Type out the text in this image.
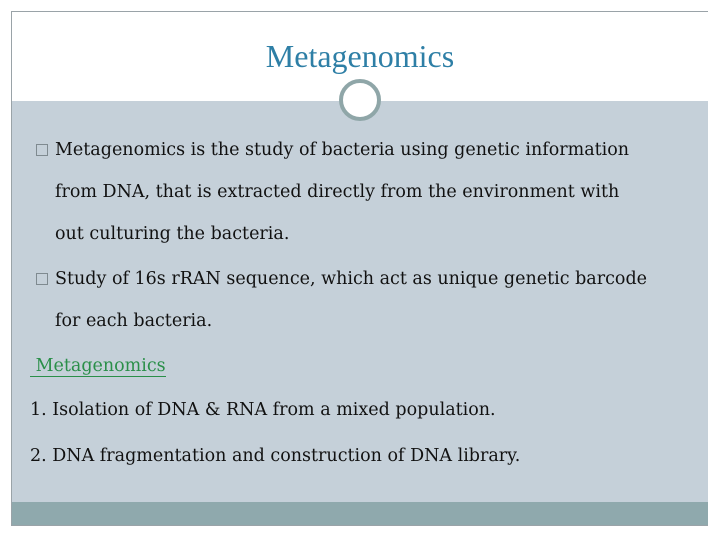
Metagenomics
Metagenomics is the study of bacteria using genetic information
from DNA, that is extracted directly from the environment with
out culturing the bacteria.
Study of 16s rRAN sequence, which act as unique genetic barcode
for each bacteria.
Metagenomics
1. Isolation of DNA & RNA from a mixed population.
2. DNA fragmentation and construction of DNA library.
